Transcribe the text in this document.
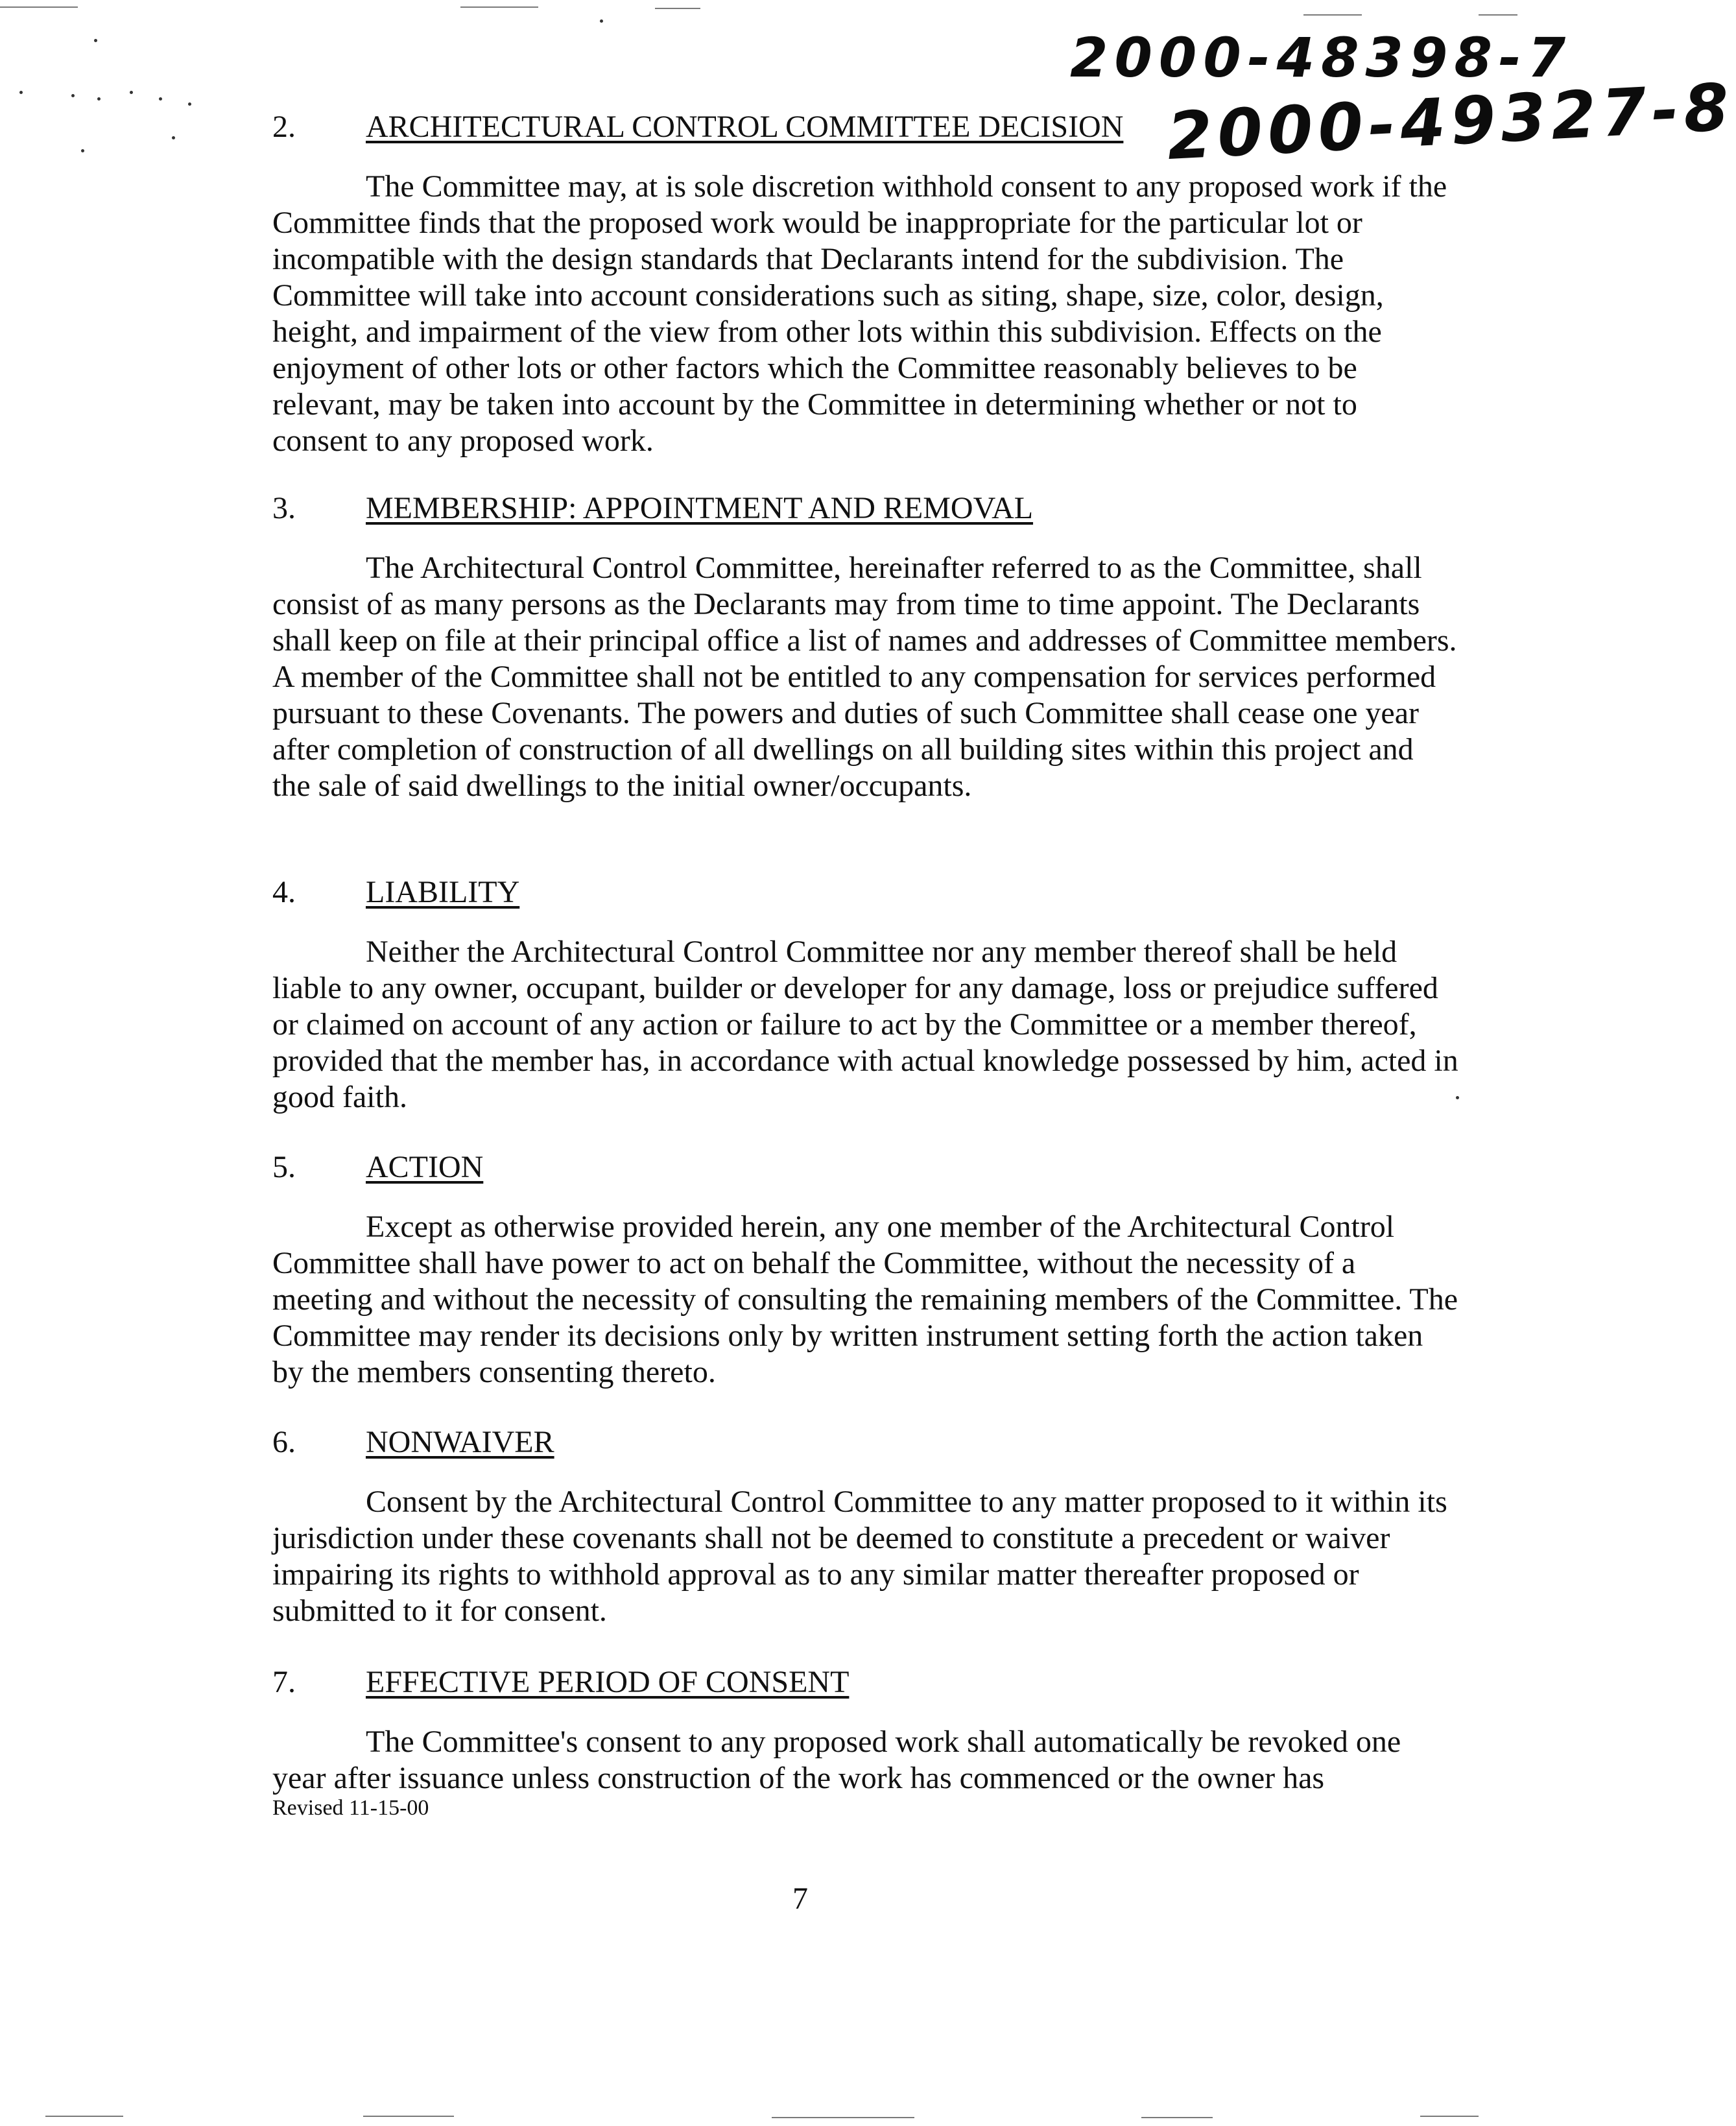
2000-48398-7
2000-49327-8
2. ARCHITECTURAL CONTROL COMMITTEE DECISION
The Committee may, at is sole discretion withhold consent to any proposed work if the Committee finds that the proposed work would be inappropriate for the particular lot or incompatible with the design standards that Declarants intend for the subdivision. The Committee will take into account considerations such as siting, shape, size, color, design, height, and impairment of the view from other lots within this subdivision. Effects on the enjoyment of other lots or other factors which the Committee reasonably believes to be relevant, may be taken into account by the Committee in determining whether or not to consent to any proposed work.
3. MEMBERSHIP: APPOINTMENT AND REMOVAL
The Architectural Control Committee, hereinafter referred to as the Committee, shall consist of as many persons as the Declarants may from time to time appoint. The Declarants shall keep on file at their principal office a list of names and addresses of Committee members. A member of the Committee shall not be entitled to any compensation for services performed pursuant to these Covenants. The powers and duties of such Committee shall cease one year after completion of construction of all dwellings on all building sites within this project and the sale of said dwellings to the initial owner/occupants.
4. LIABILITY
Neither the Architectural Control Committee nor any member thereof shall be held liable to any owner, occupant, builder or developer for any damage, loss or prejudice suffered or claimed on account of any action or failure to act by the Committee or a member thereof, provided that the member has, in accordance with actual knowledge possessed by him, acted in good faith.
5. ACTION
Except as otherwise provided herein, any one member of the Architectural Control Committee shall have power to act on behalf the Committee, without the necessity of a meeting and without the necessity of consulting the remaining members of the Committee. The Committee may render its decisions only by written instrument setting forth the action taken by the members consenting thereto.
6. NONWAIVER
Consent by the Architectural Control Committee to any matter proposed to it within its jurisdiction under these covenants shall not be deemed to constitute a precedent or waiver impairing its rights to withhold approval as to any similar matter thereafter proposed or submitted to it for consent.
7. EFFECTIVE PERIOD OF CONSENT
The Committee's consent to any proposed work shall automatically be revoked one year after issuance unless construction of the work has commenced or the owner has
Revised 11-15-00
7
